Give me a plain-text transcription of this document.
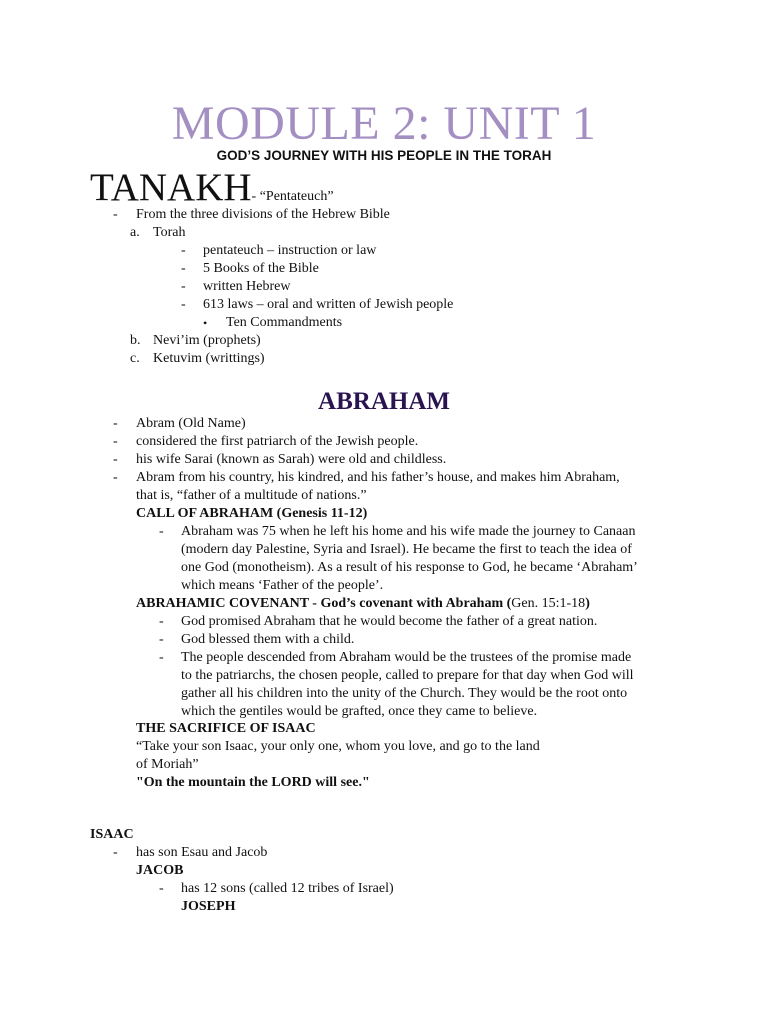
MODULE 2: UNIT 1
GOD’S JOURNEY WITH HIS PEOPLE IN THE TORAH
TANAKH- “Pentateuch”
- From the three divisions of the Hebrew Bible
a. Torah
- pentateuch – instruction or law
- 5 Books of the Bible
- written Hebrew
- 613 laws – oral and written of Jewish people
• Ten Commandments
b. Nevi’im (prophets)
c. Ketuvim (writtings)
ABRAHAM
- Abram (Old Name)
- considered the first patriarch of the Jewish people.
- his wife Sarai (known as Sarah) were old and childless.
- Abram from his country, his kindred, and his father’s house, and makes him Abraham,
that is, “father of a multitude of nations.”
CALL OF ABRAHAM (Genesis 11-12)
- Abraham was 75 when he left his home and his wife made the journey to Canaan
(modern day Palestine, Syria and Israel). He became the first to teach the idea of
one God (monotheism). As a result of his response to God, he became ‘Abraham’
which means ‘Father of the people’.
ABRAHAMIC COVENANT - God’s covenant with Abraham (Gen. 15:1-18)
- God promised Abraham that he would become the father of a great nation.
- God blessed them with a child.
- The people descended from Abraham would be the trustees of the promise made
to the patriarchs, the chosen people, called to prepare for that day when God will
gather all his children into the unity of the Church. They would be the root onto
which the gentiles would be grafted, once they came to believe.
THE SACRIFICE OF ISAAC
“Take your son Isaac, your only one, whom you love, and go to the land
of Moriah”
"On the mountain the LORD will see."
ISAAC
- has son Esau and Jacob
JACOB
- has 12 sons (called 12 tribes of Israel)
JOSEPH
